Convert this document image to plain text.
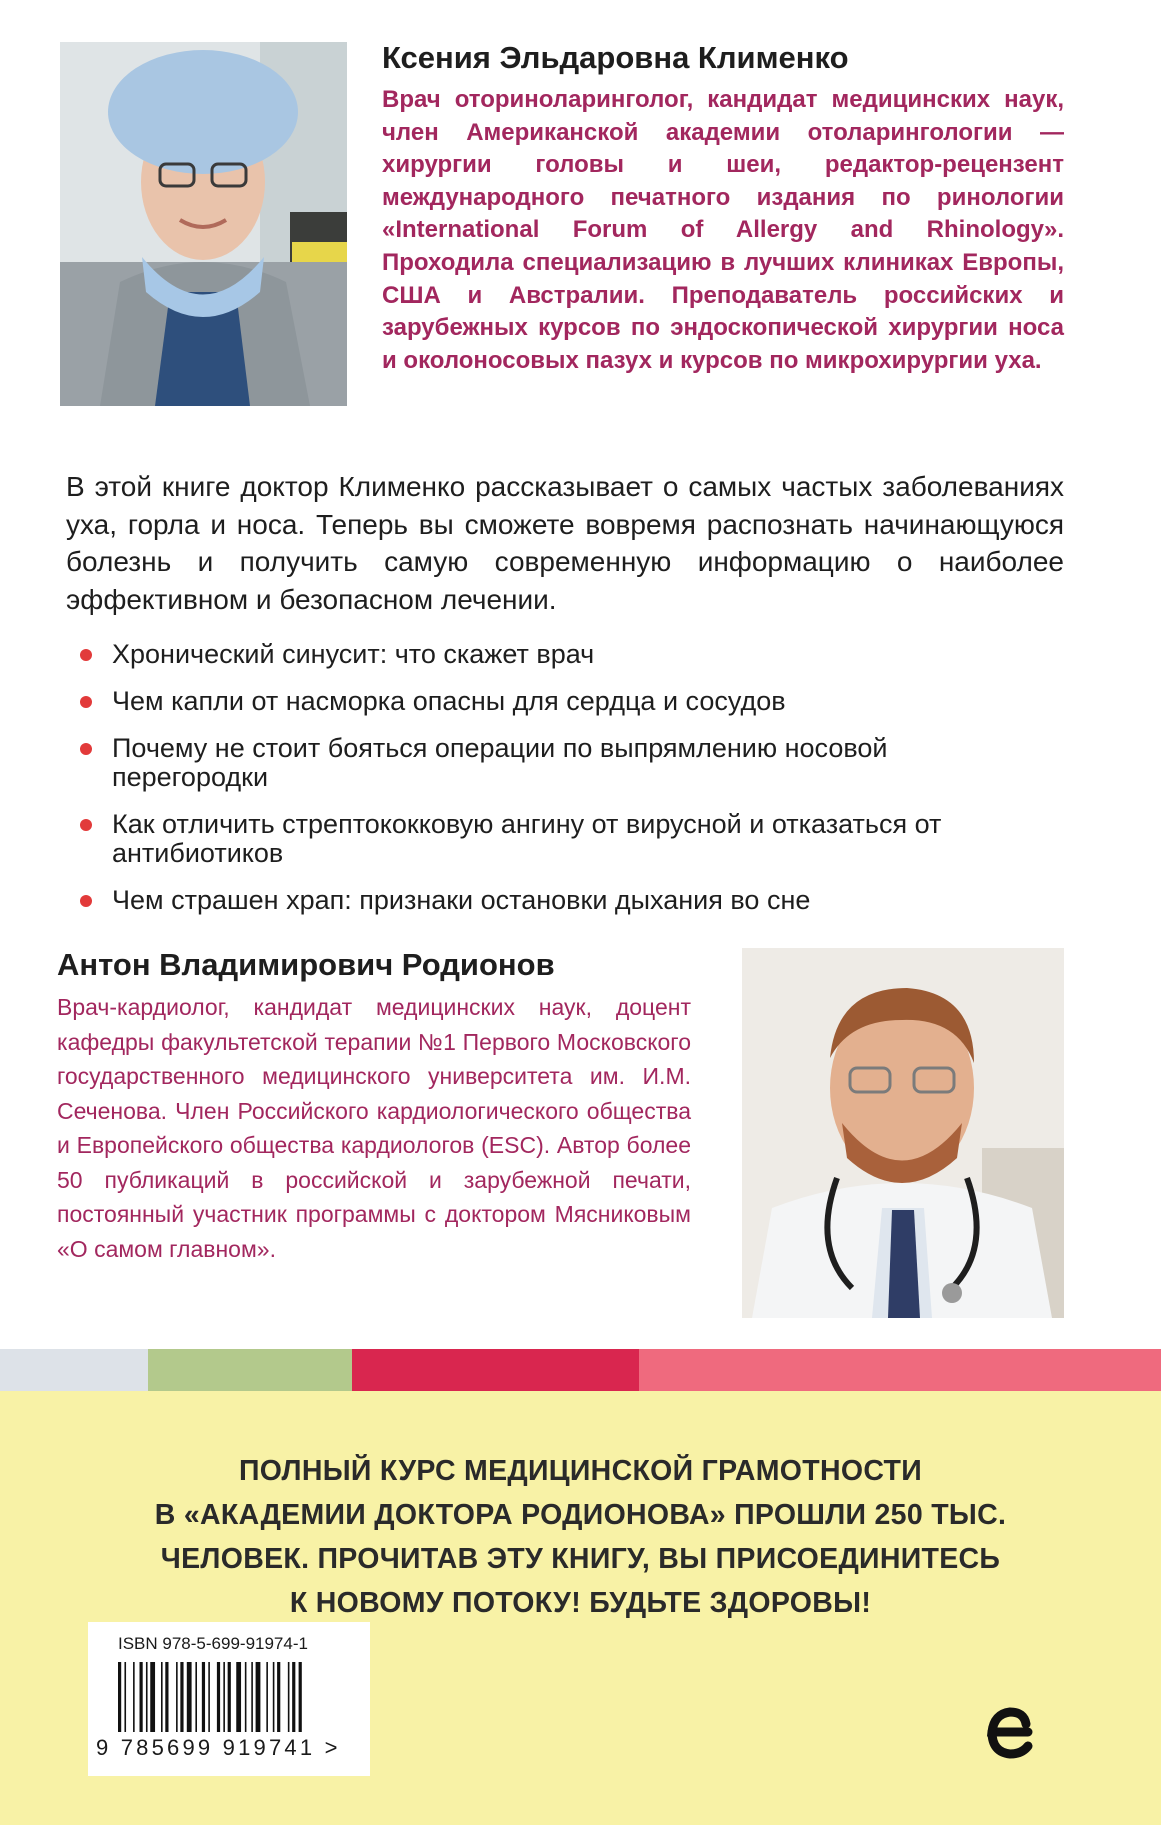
Ксения Эльдаровна Клименко

Врач оториноларинголог, кандидат медицинских наук, член Американской академии отоларингологии — хирургии головы и шеи, редактор-рецензент международного печатного издания по ринологии «International Forum of Allergy and Rhinology». Проходила специализацию в лучших клиниках Европы, США и Австралии. Преподаватель российских и зарубежных курсов по эндоскопической хирургии носа и околоносовых пазух и курсов по микрохирургии уха.

В этой книге доктор Клименко рассказывает о самых частых заболеваниях уха, горла и носа. Теперь вы сможете вовремя распознать начинающуюся болезнь и получить самую современную информацию о наиболее эффективном и безопасном лечении.

Хронический синусит: что скажет врач
Чем капли от насморка опасны для сердца и сосудов
Почему не стоит бояться операции по выпрямлению носовой перегородки
Как отличить стрептококковую ангину от вирусной и отказаться от антибиотиков
Чем страшен храп: признаки остановки дыхания во сне
Антон Владимирович Родионов

Врач-кардиолог, кандидат медицинских наук, доцент кафедры факультетской терапии №1 Первого Московского государственного медицинского университета им. И.М. Сеченова. Член Российского кардиологического общества и Европейского общества кардиологов (ESC). Автор более 50 публикаций в российской и зарубежной печати, постоянный участник программы с доктором Мясниковым «О самом главном».

ПОЛНЫЙ КУРС МЕДИЦИНСКОЙ ГРАМОТНОСТИ
В «АКАДЕМИИ ДОКТОРА РОДИОНОВА» ПРОШЛИ 250 ТЫС.
ЧЕЛОВЕК. ПРОЧИТАВ ЭТУ КНИГУ, ВЫ ПРИСОЕДИНИТЕСЬ
К НОВОМУ ПОТОКУ! БУДЬТЕ ЗДОРОВЫ!
ISBN 978-5-699-91974-1
9 785699 919741 >
